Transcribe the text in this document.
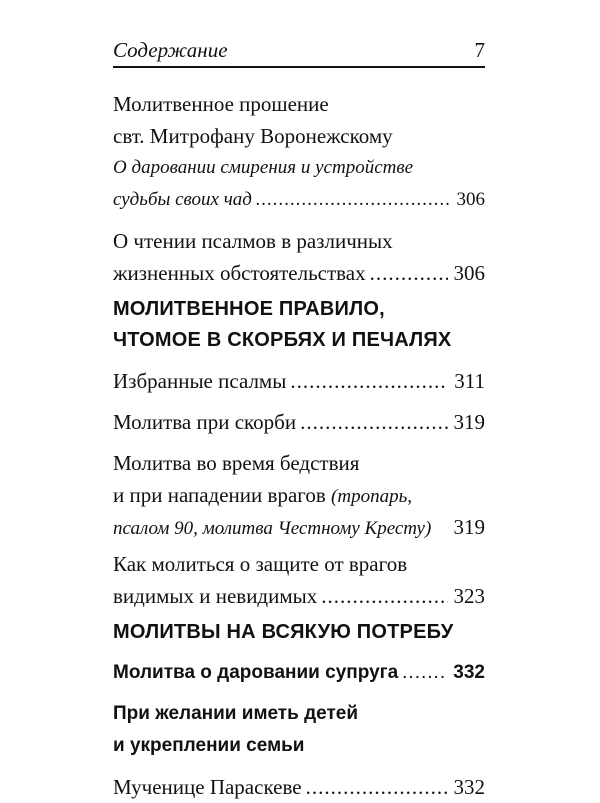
Содержание	7
Молитвенное прошение
свт. Митрофану Воронежскому
О даровании смирения и устройстве
судьбы своих чад .....	306
О чтении псалмов в различных
жизненных обстоятельствах .....	306
МОЛИТВЕННОЕ ПРАВИЛО,
ЧТОМОЕ В СКОРБЯХ И ПЕЧАЛЯХ
Избранные псалмы .....	311
Молитва при скорби .....	319
Молитва во время бедствия
и при нападении врагов
(тропарь,
псалом 90, молитва Честному Кресту) 319
Как молиться о защите от врагов
видимых и невидимых .....	323
МОЛИТВЫ НА ВСЯКУЮ ПОТРЕБУ
Молитва о даровании супруга .....	332
При желании иметь детей
и укреплении семьи
Мученице Параскеве .....	332
